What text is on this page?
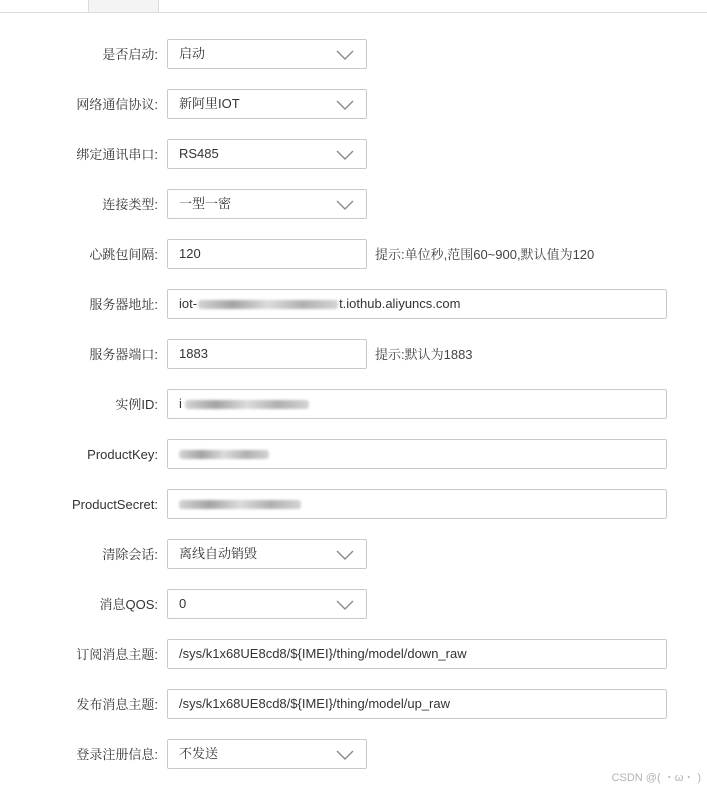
是否启动: 启动
网络通信协议: 新阿里IOT
绑定通讯串口: RS485
连接类型: 一型一密
心跳包间隔: 120	提示:单位秒,范围60~900,默认值为120
服务器地址: iot-	t.iothub.aliyuncs.com
服务器端口: 1883	提示:默认为1883
实例ID: i
ProductKey:
ProductSecret:
清除会话: 离线自动销毁
消息QOS: 0
订阅消息主题: /sys/k1x68UE8cd8/${IMEI}/thing/model/down_raw
发布消息主题: /sys/k1x68UE8cd8/${IMEI}/thing/model/up_raw
登录注册信息: 不发送
CSDN @( ・ω・ )
